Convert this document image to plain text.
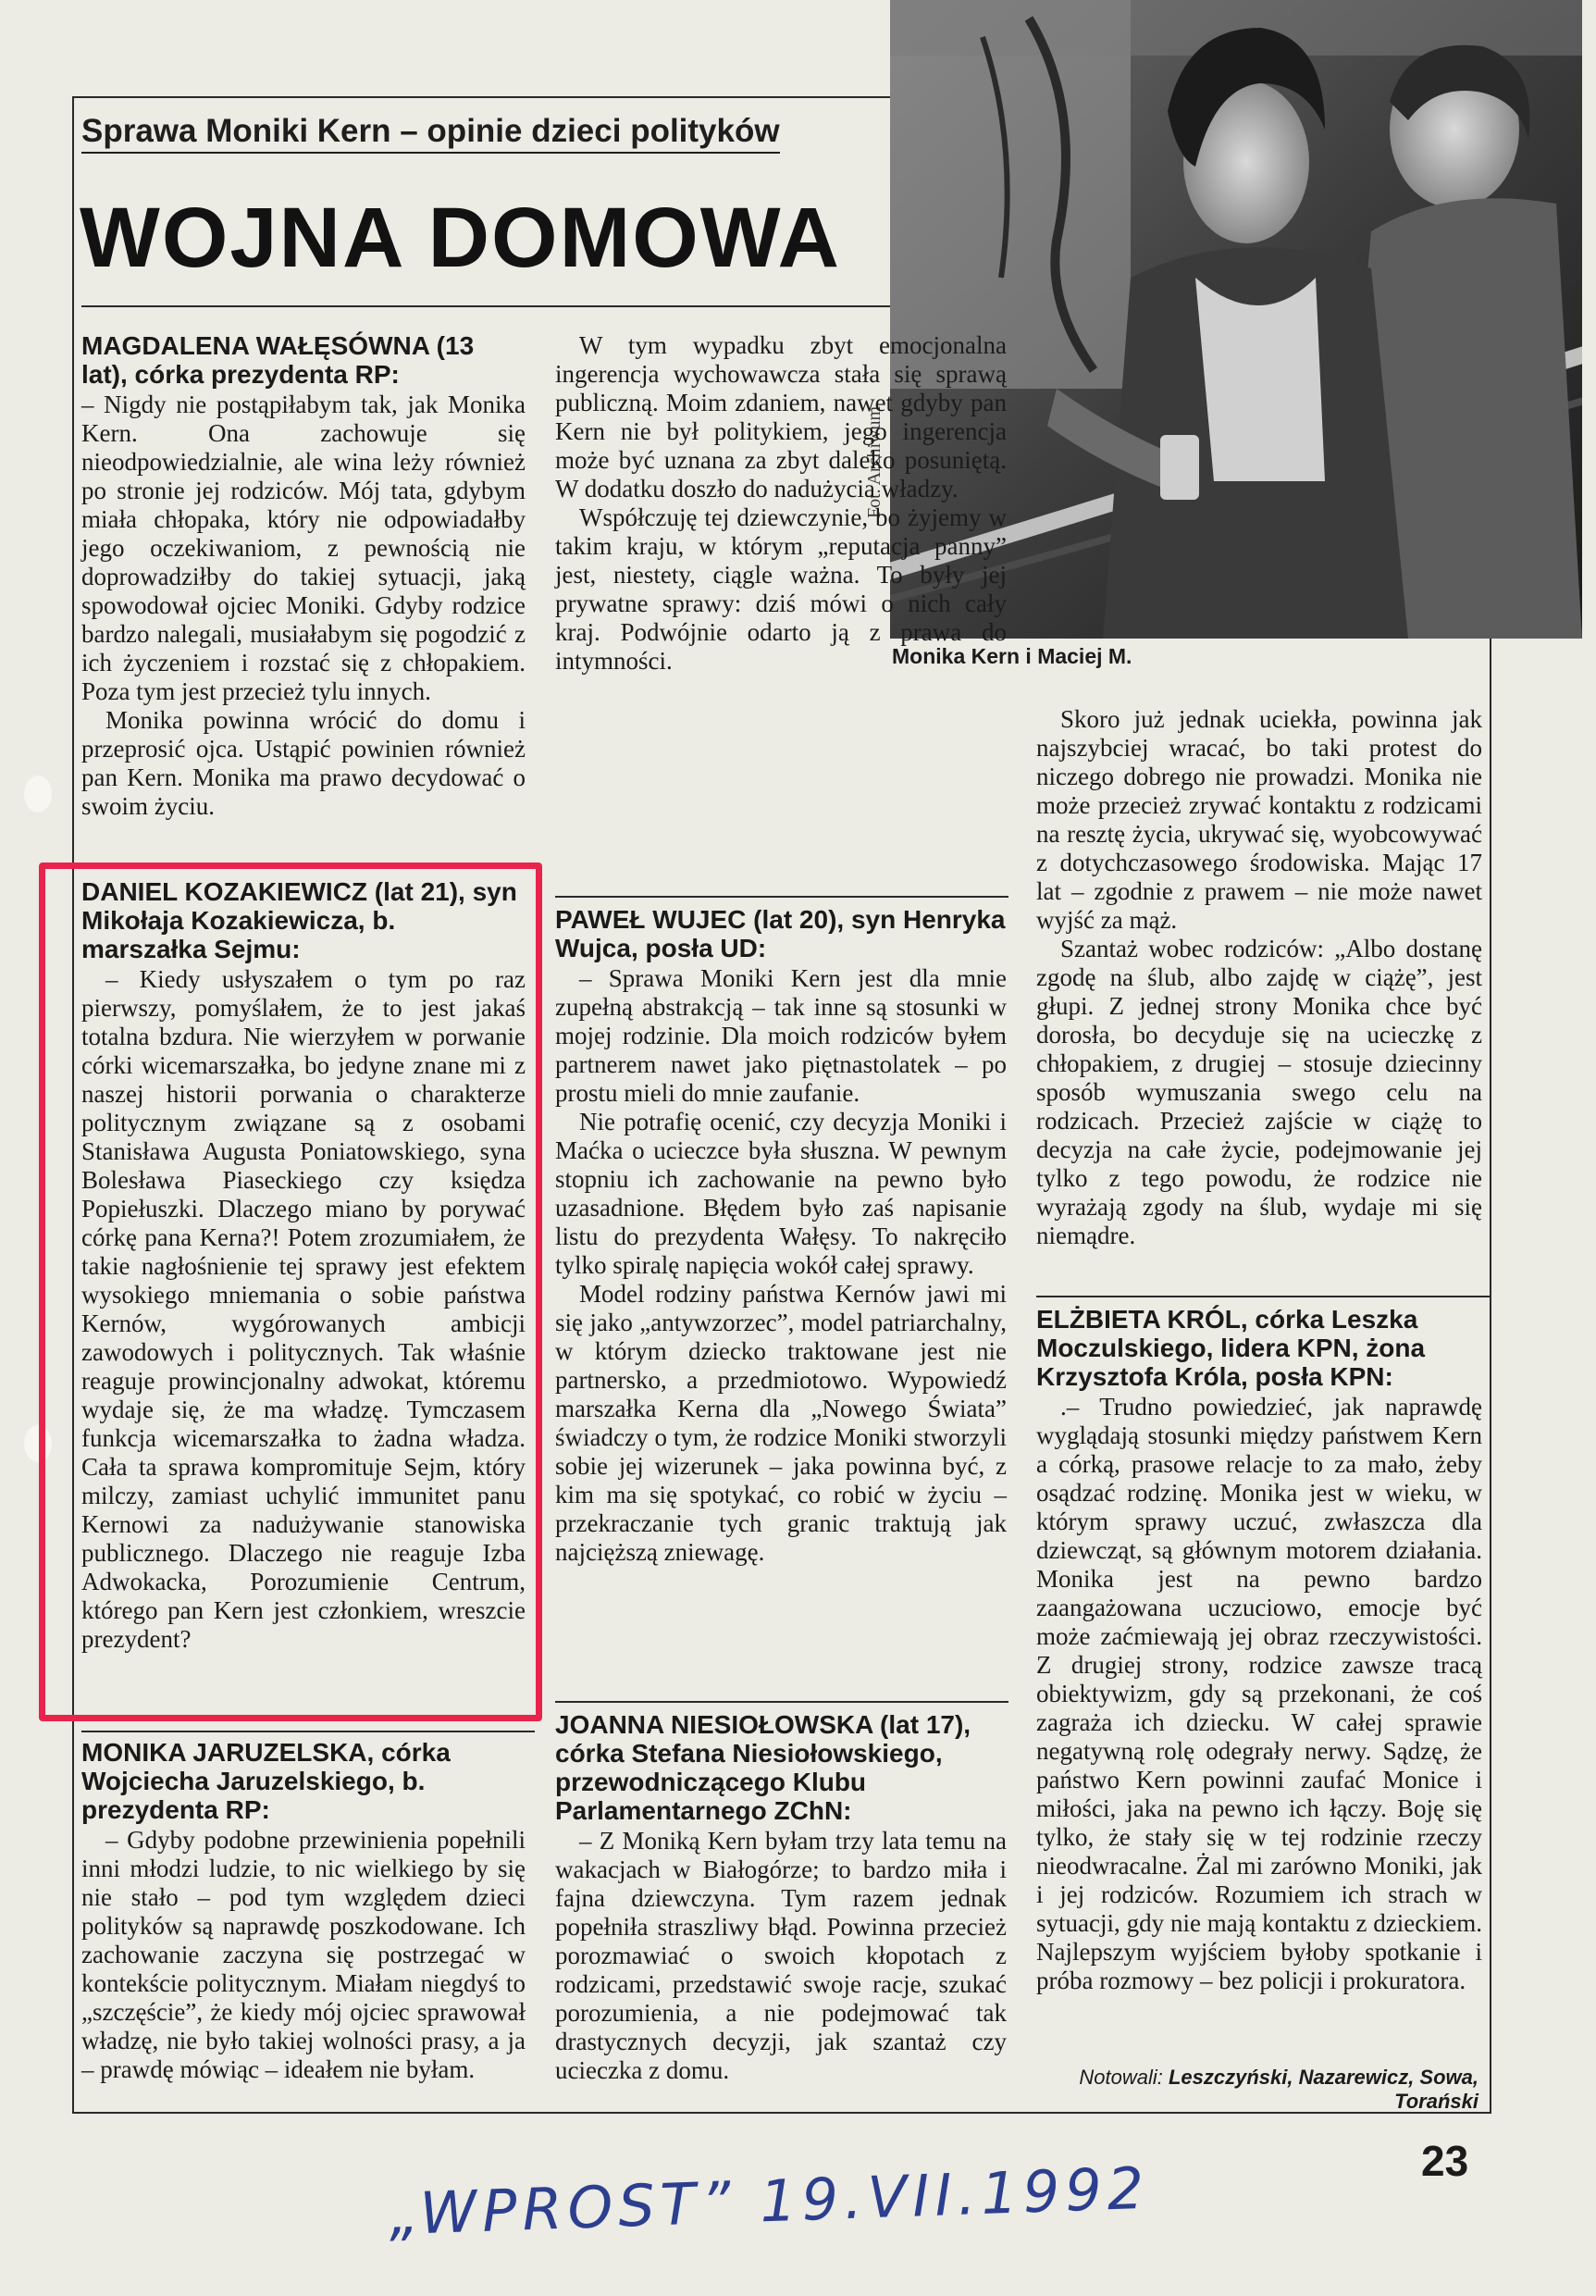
Sprawa Moniki Kern – opinie dzieci polityków
WOJNA DOMOWA
Fot. Archiwum
Monika Kern i Maciej M.
MAGDALENA WAŁĘSÓWNA (13 lat), córka prezydenta RP:

– Nigdy nie postąpiłabym tak, jak Monika Kern. Ona zachowuje się nieodpowiedzialnie, ale wina leży również po stronie jej rodziców. Mój tata, gdybym miała chłopaka, który nie odpowiadałby jego oczekiwaniom, z pewnością nie doprowadziłby do takiej sytuacji, jaką spowodował ojciec Moniki. Gdyby rodzice bardzo nalegali, musiałabym się pogodzić z ich życzeniem i rozstać się z chłopakiem. Poza tym jest przecież tylu innych.

Monika powinna wrócić do domu i przeprosić ojca. Ustąpić powinien również pan Kern. Monika ma prawo decydować o swoim życiu.

DANIEL KOZAKIEWICZ (lat 21), syn Mikołaja Kozakiewicza, b. marszałka Sejmu:

– Kiedy usłyszałem o tym po raz pierwszy, pomyślałem, że to jest jakaś totalna bzdura. Nie wierzyłem w porwanie córki wicemarszałka, bo jedyne znane mi z naszej historii porwania o charakterze politycznym związane są z osobami Stanisława Augusta Poniatowskiego, syna Bolesława Piaseckiego czy księdza Popiełuszki. Dlaczego miano by porywać córkę pana Kerna?! Potem zrozumiałem, że takie nagłośnienie tej sprawy jest efektem wysokiego mniemania o sobie państwa Kernów, wygórowanych ambicji zawodowych i politycznych. Tak właśnie reaguje prowincjonalny adwokat, któremu wydaje się, że ma władzę. Tymczasem funkcja wicemarszałka to żadna władza. Cała ta sprawa kompromituje Sejm, który milczy, zamiast uchylić immunitet panu Kernowi za nadużywanie stanowiska publicznego. Dlaczego nie reaguje Izba Adwokacka, Porozumienie Centrum, którego pan Kern jest członkiem, wreszcie prezydent?

MONIKA JARUZELSKA, córka Wojciecha Jaruzelskiego, b. prezydenta RP:

– Gdyby podobne przewinienia popełnili inni młodzi ludzie, to nic wielkiego by się nie stało – pod tym względem dzieci polityków są naprawdę poszkodowane. Ich zachowanie zaczyna się postrzegać w kontekście politycznym. Miałam niegdyś to „szczęście”, że kiedy mój ojciec sprawował władzę, nie było takiej wolności prasy, a ja – prawdę mówiąc – ideałem nie byłam.

W tym wypadku zbyt emocjonalna ingerencja wychowawcza stała się sprawą publiczną. Moim zdaniem, nawet gdyby pan Kern nie był politykiem, jego ingerencja może być uznana za zbyt daleko posuniętą. W dodatku doszło do nadużycia władzy.

Współczuję tej dziewczynie, bo żyjemy w takim kraju, w którym „reputacja panny” jest, niestety, ciągle ważna. To były jej prywatne sprawy: dziś mówi o nich cały kraj. Podwójnie odarto ją z prawa do intymności.

PAWEŁ WUJEC (lat 20), syn Henryka Wujca, posła UD:

– Sprawa Moniki Kern jest dla mnie zupełną abstrakcją – tak inne są stosunki w mojej rodzinie. Dla moich rodziców byłem partnerem nawet jako piętnastolatek – po prostu mieli do mnie zaufanie.

Nie potrafię ocenić, czy decyzja Moniki i Maćka o ucieczce była słuszna. W pewnym stopniu ich zachowanie na pewno było uzasadnione. Błędem było zaś napisanie listu do prezydenta Wałęsy. To nakręciło tylko spiralę napięcia wokół całej sprawy.

Model rodziny państwa Kernów jawi mi się jako „antywzorzec”, model patriarchalny, w którym dziecko traktowane jest nie partnersko, a przedmiotowo. Wypowiedź marszałka Kerna dla „Nowego Świata” świadczy o tym, że rodzice Moniki stworzyli sobie jej wizerunek – jaka powinna być, z kim ma się spotykać, co robić w życiu – przekraczanie tych granic traktują jak najcięższą zniewagę.

JOANNA NIESIOŁOWSKA (lat 17), córka Stefana Niesiołowskiego, przewodniczącego Klubu Parlamentarnego ZChN:

– Z Moniką Kern byłam trzy lata temu na wakacjach w Białogórze; to bardzo miła i fajna dziewczyna. Tym razem jednak popełniła straszliwy błąd. Powinna przecież porozmawiać o swoich kłopotach z rodzicami, przedstawić swoje racje, szukać porozumienia, a nie podejmować tak drastycznych decyzji, jak szantaż czy ucieczka z domu.

Skoro już jednak uciekła, powinna jak najszybciej wracać, bo taki protest do niczego dobrego nie prowadzi. Monika nie może przecież zrywać kontaktu z rodzicami na resztę życia, ukrywać się, wyobcowywać z dotychczasowego środowiska. Mając 17 lat – zgodnie z prawem – nie może nawet wyjść za mąż.

Szantaż wobec rodziców: „Albo dostanę zgodę na ślub, albo zajdę w ciążę”, jest głupi. Z jednej strony Monika chce być dorosła, bo decyduje się na ucieczkę z chłopakiem, z drugiej – stosuje dziecinny sposób wymuszania swego celu na rodzicach. Przecież zajście w ciążę to decyzja na całe życie, podejmowanie jej tylko z tego powodu, że rodzice nie wyrażają zgody na ślub, wydaje mi się niemądre.

ELŻBIETA KRÓL, córka Leszka Moczulskiego, lidera KPN, żona Krzysztofa Króla, posła KPN:

.– Trudno powiedzieć, jak naprawdę wyglądają stosunki między państwem Kern a córką, prasowe relacje to za mało, żeby osądzać rodzinę. Monika jest w wieku, w którym sprawy uczuć, zwłaszcza dla dziewcząt, są głównym motorem działania. Monika jest na pewno bardzo zaangażowana uczuciowo, emocje być może zaćmiewają jej obraz rzeczywistości. Z drugiej strony, rodzice zawsze tracą obiektywizm, gdy są przekonani, że coś zagraża ich dziecku. W całej sprawie negatywną rolę odegrały nerwy. Sądzę, że państwo Kern powinni zaufać Monice i miłości, jaka na pewno ich łączy. Boję się tylko, że stały się w tej rodzinie rzeczy nieodwracalne. Żal mi zarówno Moniki, jak i jej rodziców. Rozumiem ich strach w sytuacji, gdy nie mają kontaktu z dzieckiem. Najlepszym wyjściem byłoby spotkanie i próba rozmowy – bez policji i prokuratora.

Notowali: Leszczyński, Nazarewicz, Sowa, Torański
23
„WPROST” 19.VII.1992
